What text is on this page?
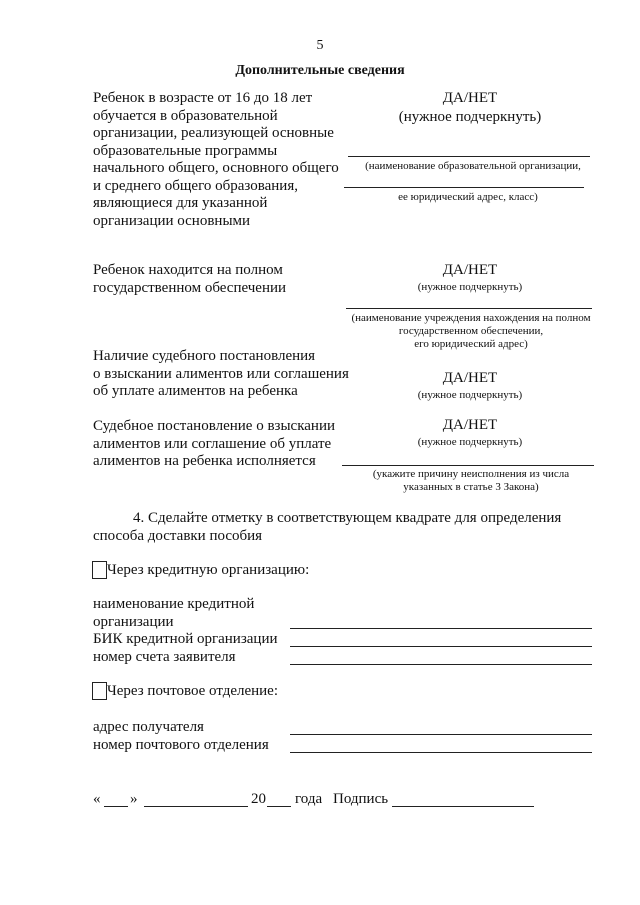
5
Дополнительные сведения
Ребенок в возрасте от 16 до 18 лет
обучается в образовательной
организации, реализующей основные
образовательные программы
начального общего, основного общего
и среднего общего образования,
являющиеся для указанной
организации основными
ДА/НЕТ
(нужное подчеркнуть)
(наименование образовательной организации,
ее юридический адрес, класс)
Ребенок находится на полном
государственном обеспечении
ДА/НЕТ
(нужное подчеркнуть)
(наименование учреждения нахождения на полном
государственном обеспечении,
его юридический адрес)
Наличие судебного постановления
о взыскании алиментов или соглашения
об уплате алиментов на ребенка
ДА/НЕТ
(нужное подчеркнуть)
Судебное постановление о взыскании
алиментов или соглашение об уплате
алиментов на ребенка исполняется
ДА/НЕТ
(нужное подчеркнуть)
(укажите причину неисполнения из числа
указанных в статье 3 Закона)
4. Сделайте отметку в соответствующем квадрате для определения
способа доставки пособия
Через кредитную организацию:
наименование кредитной
организации
БИК кредитной организации
номер счета заявителя
Через почтовое отделение:
адрес получателя
номер почтового отделения
« »	20 года Подпись
